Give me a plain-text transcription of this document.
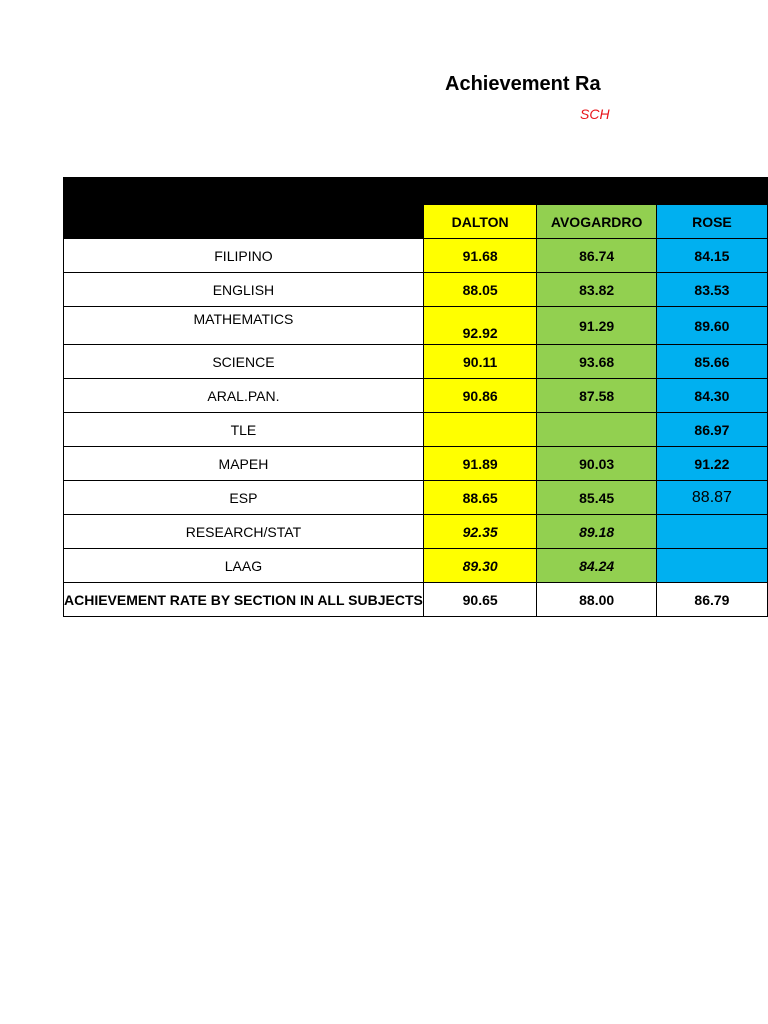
Achievement Ra
SCH
SUBJECTS			
	DALTON	AVOGARDRO	ROSE
FILIPINO	91.68	86.74	84.15
ENGLISH	88.05	83.82	83.53
MATHEMATICS	92.92	91.29	89.60
SCIENCE	90.11	93.68	85.66
ARAL.PAN.	90.86	87.58	84.30
TLE			86.97
MAPEH	91.89	90.03	91.22
ESP	88.65	85.45	88.87
RESEARCH/STAT	92.35	89.18	
LAAG	89.30	84.24	
ACHIEVEMENT RATE BY SECTION IN ALL SUBJECTS	90.65	88.00	86.79
